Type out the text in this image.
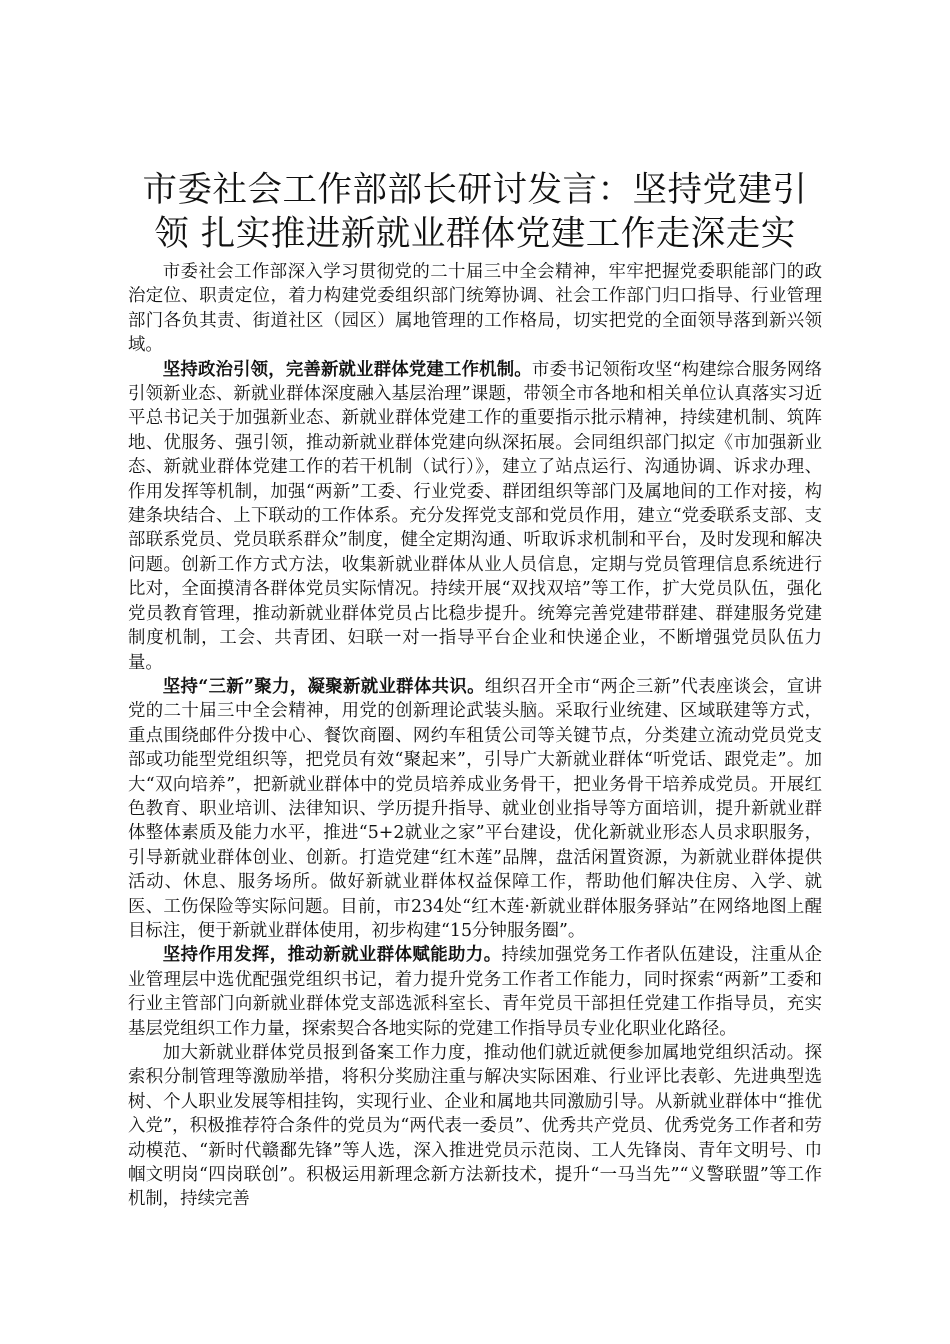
市委社会工作部部长研讨发言：坚持党建引领 扎实推进新就业群体党建工作走深走实

市委社会工作部深入学习贯彻党的二十届三中全会精神，牢牢把握党委职能部门的政治定位、职责定位，着力构建党委组织部门统筹协调、社会工作部门归口指导、行业管理部门各负其责、街道社区（园区）属地管理的工作格局，切实把党的全面领导落到新兴领域。

坚持政治引领，完善新就业群体党建工作机制。市委书记领衔攻坚“构建综合服务网络引领新业态、新就业群体深度融入基层治理”课题，带领全市各地和相关单位认真落实习近平总书记关于加强新业态、新就业群体党建工作的重要指示批示精神，持续建机制、筑阵地、优服务、强引领，推动新就业群体党建向纵深拓展。会同组织部门拟定《市加强新业态、新就业群体党建工作的若干机制（试行）》，建立了站点运行、沟通协调、诉求办理、作用发挥等机制，加强“两新”工委、行业党委、群团组织等部门及属地间的工作对接，构建条块结合、上下联动的工作体系。充分发挥党支部和党员作用，建立“党委联系支部、支部联系党员、党员联系群众”制度，健全定期沟通、听取诉求机制和平台，及时发现和解决问题。创新工作方式方法，收集新就业群体从业人员信息，定期与党员管理信息系统进行比对，全面摸清各群体党员实际情况。持续开展“双找双培”等工作，扩大党员队伍，强化党员教育管理，推动新就业群体党员占比稳步提升。统筹完善党建带群建、群建服务党建制度机制，工会、共青团、妇联一对一指导平台企业和快递企业，不断增强党员队伍力量。

坚持“三新”聚力，凝聚新就业群体共识。组织召开全市“两企三新”代表座谈会，宣讲党的二十届三中全会精神，用党的创新理论武装头脑。采取行业统建、区域联建等方式，重点围绕邮件分拨中心、餐饮商圈、网约车租赁公司等关键节点，分类建立流动党员党支部或功能型党组织等，把党员有效“聚起来”，引导广大新就业群体“听党话、跟党走”。加大“双向培养”，把新就业群体中的党员培养成业务骨干，把业务骨干培养成党员。开展红色教育、职业培训、法律知识、学历提升指导、就业创业指导等方面培训，提升新就业群体整体素质及能力水平，推进“5+2就业之家”平台建设，优化新就业形态人员求职服务，引导新就业群体创业、创新。打造党建“红木莲”品牌，盘活闲置资源，为新就业群体提供活动、休息、服务场所。做好新就业群体权益保障工作，帮助他们解决住房、入学、就医、工伤保险等实际问题。目前，市234处“红木莲·新就业群体服务驿站”在网络地图上醒目标注，便于新就业群体使用，初步构建“15分钟服务圈”。

坚持作用发挥，推动新就业群体赋能助力。持续加强党务工作者队伍建设，注重从企业管理层中选优配强党组织书记，着力提升党务工作者工作能力，同时探索“两新”工委和行业主管部门向新就业群体党支部选派科室长、青年党员干部担任党建工作指导员，充实基层党组织工作力量，探索契合各地实际的党建工作指导员专业化职业化路径。

加大新就业群体党员报到备案工作力度，推动他们就近就便参加属地党组织活动。探索积分制管理等激励举措，将积分奖励注重与解决实际困难、行业评比表彰、先进典型选树、个人职业发展等相挂钩，实现行业、企业和属地共同激励引导。从新就业群体中“推优入党”，积极推荐符合条件的党员为“两代表一委员”、优秀共产党员、优秀党务工作者和劳动模范、“新时代赣鄱先锋”等人选，深入推进党员示范岗、工人先锋岗、青年文明号、巾帼文明岗“四岗联创”。积极运用新理念新方法新技术，提升“一马当先”“义警联盟”等工作机制，持续完善
